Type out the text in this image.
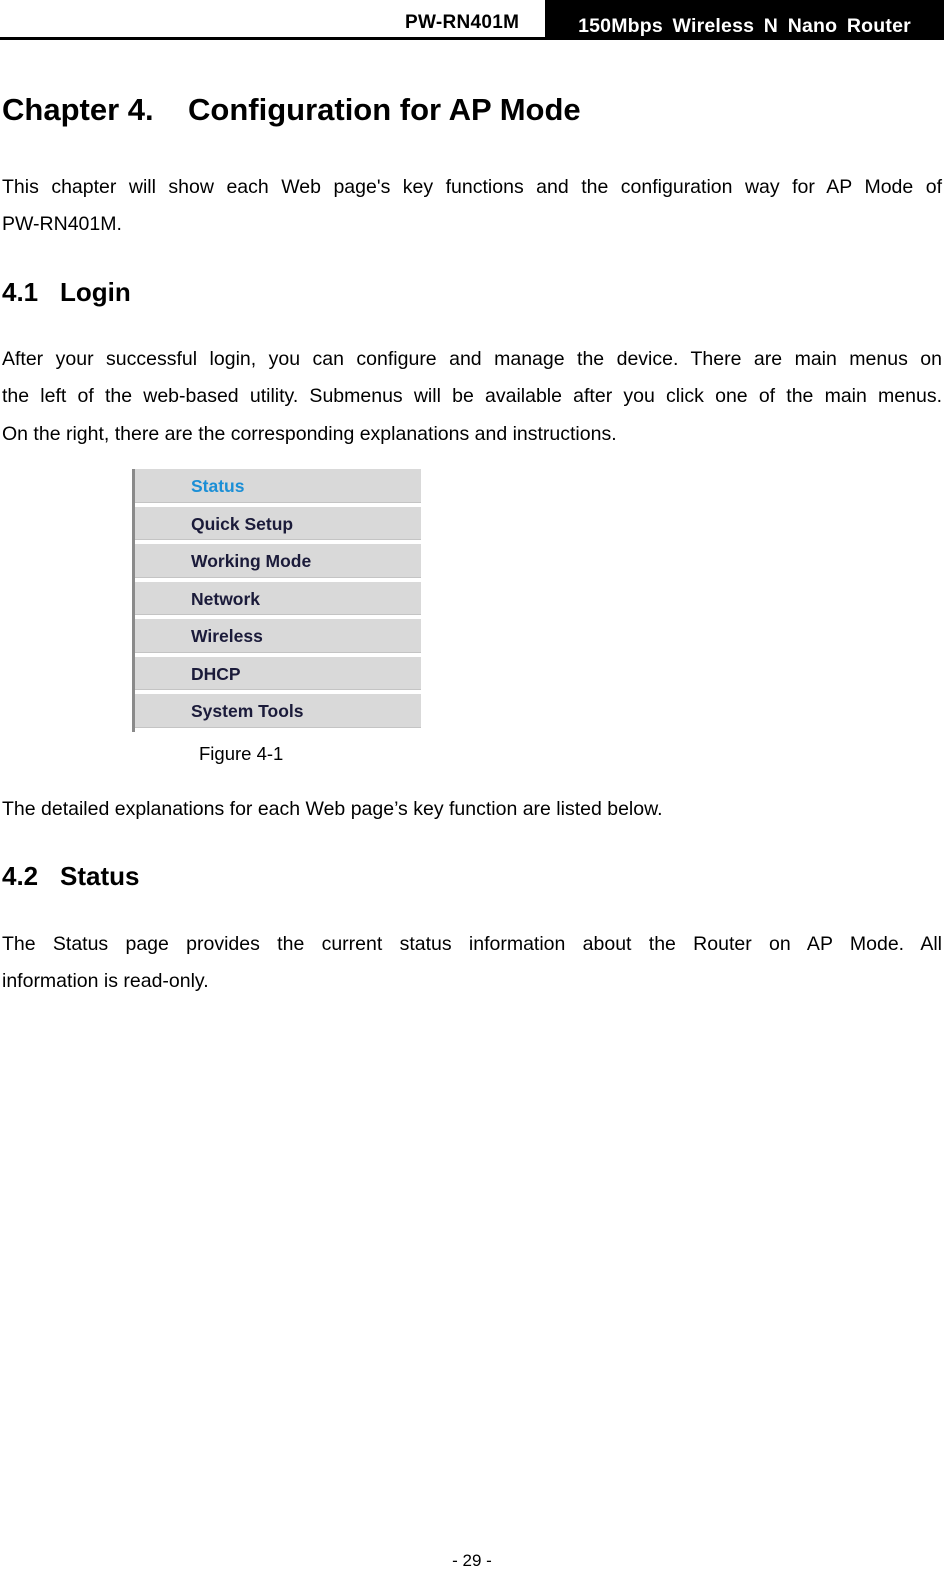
PW-RN401M	150Mbps Wireless N Nano Router
Chapter 4. Configuration for AP Mode

This chapter will show each Web page's key functions and the configuration way for AP Mode of

PW-RN401M.

4.1 Login

After your successful login, you can configure and manage the device. There are main menus on

the left of the web-based utility. Submenus will be available after you click one of the main menus.

On the right, there are the corresponding explanations and instructions.

Status
Quick Setup
Working Mode
Network
Wireless
DHCP
System Tools
Figure 4-1

The detailed explanations for each Web page’s key function are listed below.

4.2 Status

The Status page provides the current status information about the Router on AP Mode. All

information is read-only.

- 29 -
